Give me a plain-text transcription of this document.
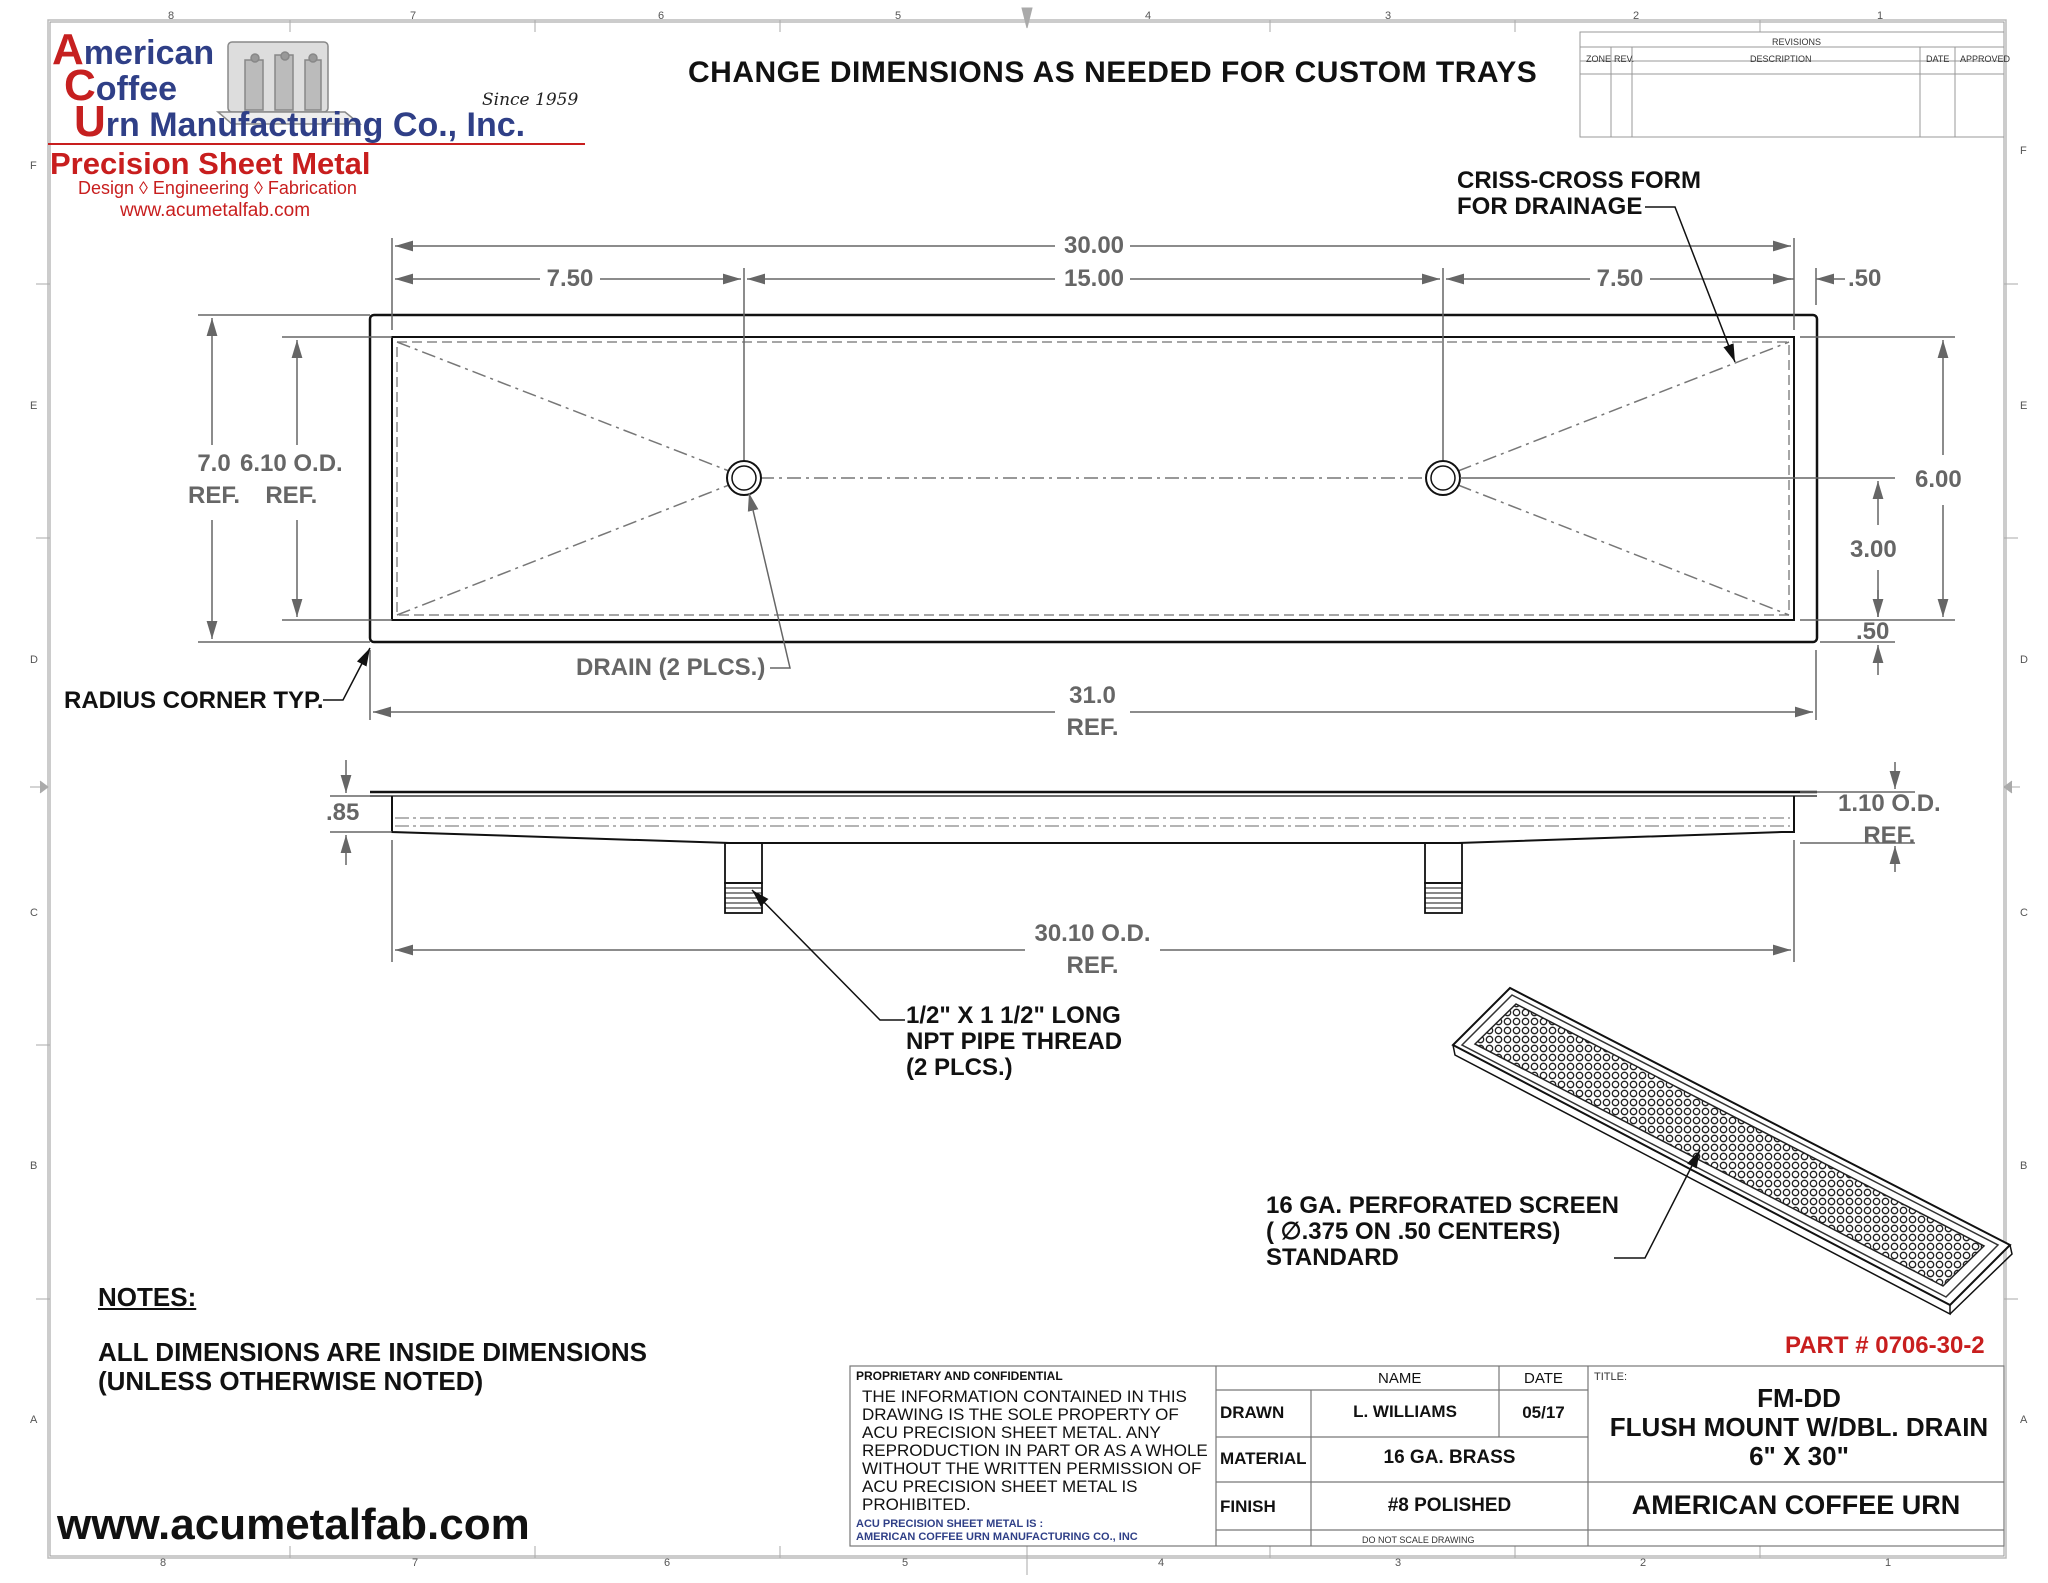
8	7	6	5	4	3	2	1
8	7	6	5	4	3	2	1
F
E
D
C
B
A
F
E
D
C
B
A
American
Coffee
Urn Manufacturing Co., Inc.
Since 1959
Precision Sheet Metal
Design ◊ Engineering ◊ Fabrication
www.acumetalfab.com
CHANGE DIMENSIONS AS NEEDED FOR CUSTOM TRAYS
REVISIONS
ZONE REV.	DESCRIPTION	DATE APPROVED
CRISS-CROSS FORM
FOR DRAINAGE
RADIUS CORNER TYP.
DRAIN (2 PLCS.)
1/2" X 1 1/2" LONG
NPT PIPE THREAD
(2 PLCS.)
16 GA. PERFORATED SCREEN
( ∅.375 ON .50 CENTERS)
STANDARD
30.00
7.50	15.00	7.50	.50
7.0
REF.
6.10 O.D.
REF.
6.00
3.00
.50
31.0
REF.
.85	1.10 O.D.
REF.
30.10 O.D.
REF.
NOTES:
ALL DIMENSIONS ARE INSIDE DIMENSIONS
(UNLESS OTHERWISE NOTED)
PART # 0706-30-2
PROPRIETARY AND CONFIDENTIAL
THE INFORMATION CONTAINED IN THIS
DRAWING IS THE SOLE PROPERTY OF
ACU PRECISION SHEET METAL. ANY
REPRODUCTION IN PART OR AS A WHOLE
WITHOUT THE WRITTEN PERMISSION OF
ACU PRECISION SHEET METAL IS
PROHIBITED.
ACU PRECISION SHEET METAL IS :
AMERICAN COFFEE URN MANUFACTURING CO., INC
NAME	DATE
DRAWN	L. WILLIAMS	05/17
MATERIAL	16 GA. BRASS
FINISH	#8 POLISHED
DO NOT SCALE DRAWING
TITLE:
FM-DD
FLUSH MOUNT W/DBL. DRAIN
6" X 30"
AMERICAN COFFEE URN
www.acumetalfab.com
